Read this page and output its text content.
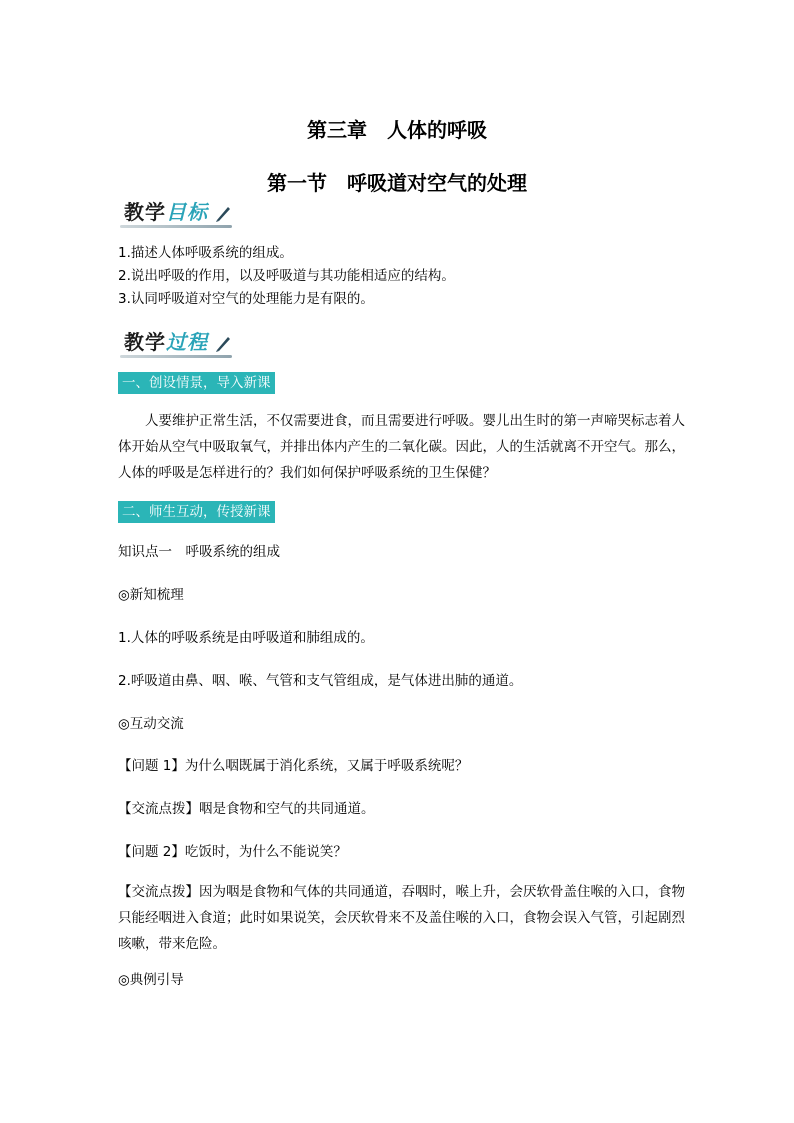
第三章　人体的呼吸
第一节　呼吸道对空气的处理
教学目标
1.描述人体呼吸系统的组成。
2.说出呼吸的作用，以及呼吸道与其功能相适应的结构。
3.认同呼吸道对空气的处理能力是有限的。
教学过程
一、创设情景，导入新课
人要维护正常生活，不仅需要进食，而且需要进行呼吸。婴儿出生时的第一声啼哭标志着人体开始从空气中吸取氧气，并排出体内产生的二氧化碳。因此，人的生活就离不开空气。那么，人体的呼吸是怎样进行的？我们如何保护呼吸系统的卫生保健？
二、师生互动，传授新课
知识点一　呼吸系统的组成
◎新知梳理
1.人体的呼吸系统是由呼吸道和肺组成的。
2.呼吸道由鼻、咽、喉、气管和支气管组成，是气体进出肺的通道。
◎互动交流
【问题 1】为什么咽既属于消化系统，又属于呼吸系统呢？
【交流点拨】咽是食物和空气的共同通道。
【问题 2】吃饭时，为什么不能说笑？
【交流点拨】因为咽是食物和气体的共同通道，吞咽时，喉上升，会厌软骨盖住喉的入口，食物只能经咽进入食道；此时如果说笑，会厌软骨来不及盖住喉的入口，食物会误入气管，引起剧烈咳嗽，带来危险。
◎典例引导
